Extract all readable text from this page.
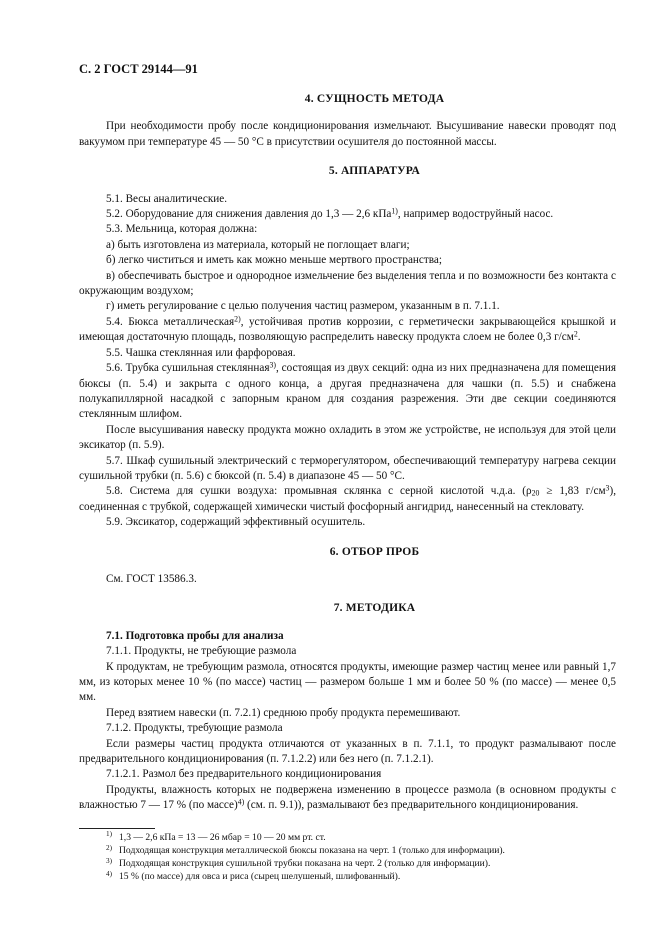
С. 2 ГОСТ 29144—91

4. СУЩНОСТЬ МЕТОДА

При необходимости пробу после кондиционирования измельчают. Высушивание навески проводят под вакуумом при температуре 45 — 50 °С в присутствии осушителя до постоянной массы.

5. АППАРАТУРА

5.1. Весы аналитические.

5.2. Оборудование для снижения давления до 1,3 — 2,6 кПа$^{1)}$, например водоструйный насос.

5.3. Мельница, которая должна:

а) быть изготовлена из материала, который не поглощает влаги;

б) легко чиститься и иметь как можно меньше мертвого пространства;

в) обеспечивать быстрое и однородное измельчение без выделения тепла и по возможности без контакта с окружающим воздухом;

г) иметь регулирование с целью получения частиц размером, указанным в п. 7.1.1.

5.4. Бюкса металлическая$^{2)}$, устойчивая против коррозии, с герметически закрывающейся крышкой и имеющая достаточную площадь, позволяющую распределить навеску продукта слоем не более 0,3 $г/см^2$.

5.5. Чашка стеклянная или фарфоровая.

5.6. Трубка сушильная стеклянная$^{3)}$, состоящая из двух секций: одна из них предназначена для помещения бюксы (п. 5.4) и закрыта с одного конца, а другая предназначена для чашки (п. 5.5) и снабжена полукапиллярной насадкой с запорным краном для создания разрежения. Эти две секции соединяются стеклянным шлифом.

После высушивания навеску продукта можно охладить в этом же устройстве, не используя для этой цели эксикатор (п. 5.9).

5.7. Шкаф сушильный электрический с терморегулятором, обеспечивающий температуру нагрева секции сушильной трубки (п. 5.6) с бюксой (п. 5.4) в диапазоне 45 — 50 °С.

5.8. Система для сушки воздуха: промывная склянка с серной кислотой ч.д.а. ($\rho_{20} \ge 1,83$ $г/см^3$), соединенная с трубкой, содержащей химически чистый фосфорный ангидрид, нанесенный на стекловату.

5.9. Эксикатор, содержащий эффективный осушитель.

6. ОТБОР ПРОБ

См. ГОСТ 13586.3.

7. МЕТОДИКА

7.1. Подготовка пробы для анализа

7.1.1. Продукты, не требующие размола

К продуктам, не требующим размола, относятся продукты, имеющие размер частиц менее или равный 1,7 мм, из которых менее 10 % (по массе) частиц — размером больше 1 мм и более 50 % (по массе) — менее 0,5 мм.

Перед взятием навески (п. 7.2.1) среднюю пробу продукта перемешивают.

7.1.2. Продукты, требующие размола

Если размеры частиц продукта отличаются от указанных в п. 7.1.1, то продукт размалывают после предварительного кондиционирования (п. 7.1.2.2) или без него (п. 7.1.2.1).

7.1.2.1. Размол без предварительного кондиционирования

Продукты, влажность которых не подвержена изменению в процессе размола (в основном продукты с влажностью 7 — 17 % (по массе)$^{4)}$ (см. п. 9.1)), размалывают без предварительного кондиционирования.

$^{1)}$ 1,3 — 2,6 кПа = 13 — 26 мбар = 10 — 20 мм рт. ст.

$^{2)}$ Подходящая конструкция металлической бюксы показана на черт. 1 (только для информации).

$^{3)}$ Подходящая конструкция сушильной трубки показана на черт. 2 (только для информации).

$^{4)}$ 15 % (по массе) для овса и риса (сырец шелушеный, шлифованный).
